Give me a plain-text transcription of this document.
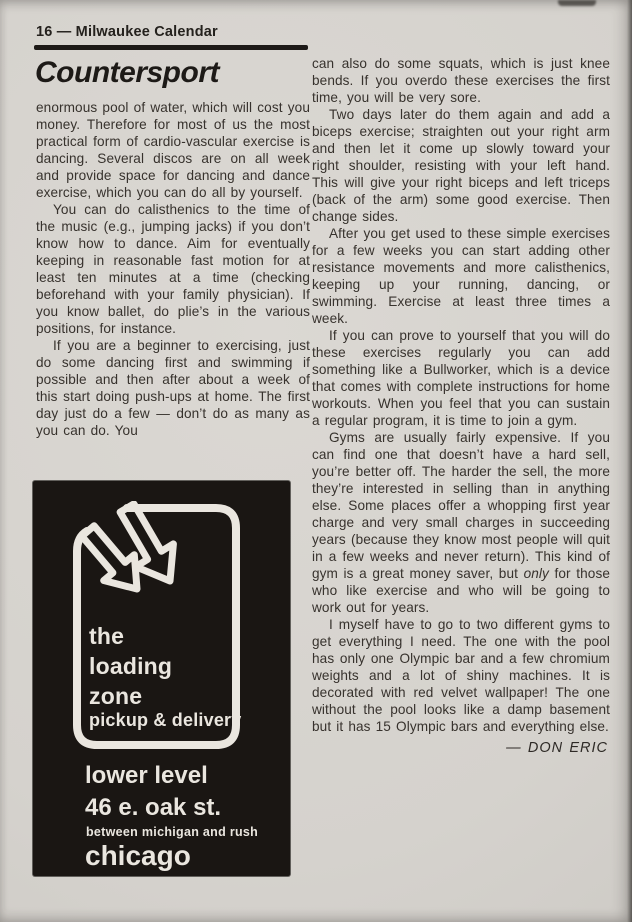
16 — Milwaukee Calendar
Countersport

enormous pool of water, which will cost you money. Therefore for most of us the most practical form of cardio-vascular exercise is dancing. Several discos are on all week and provide space for dancing and dance exercise, which you can do all by yourself.

You can do calisthenics to the time of the music (e.g., jumping jacks) if you don’t know how to dance. Aim for eventually keeping in reasonable fast motion for at least ten minutes at a time (checking beforehand with your family physician). If you know ballet, do plie’s in the various positions, for instance.

If you are a beginner to exercising, just do some dancing first and swimming if possible and then after about a week of this start doing push-ups at home. The first day just do a few — don’t do as many as you can do. You

the
loading
zone
pickup & delivery
lower level
46 e. oak st.
between michigan and rush
chicago

can also do some squats, which is just knee bends. If you overdo these exercises the first time, you will be very sore.

Two days later do them again and add a biceps exercise; straighten out your right arm and then let it come up slowly toward your right shoulder, resisting with your left hand. This will give your right biceps and left triceps (back of the arm) some good exercise. Then change sides.

After you get used to these simple exercises for a few weeks you can start adding other resistance movements and more calisthenics, keeping up your running, dancing, or swimming. Exercise at least three times a week.

If you can prove to yourself that you will do these exercises regularly you can add something like a Bullworker, which is a device that comes with complete instructions for home workouts. When you feel that you can sustain a regular program, it is time to join a gym.

Gyms are usually fairly expensive. If you can find one that doesn’t have a hard sell, you’re better off. The harder the sell, the more they’re interested in selling than in anything else. Some places offer a whopping first year charge and very small charges in succeeding years (because they know most people will quit in a few weeks and never return). This kind of gym is a great money saver, but only for those who like exercise and who will be going to work out for years.

I myself have to go to two different gyms to get everything I need. The one with the pool has only one Olympic bar and a few chromium weights and a lot of shiny machines. It is decorated with red velvet wallpaper! The one without the pool looks like a damp basement but it has 15 Olympic bars and everything else.

— DON ERIC
